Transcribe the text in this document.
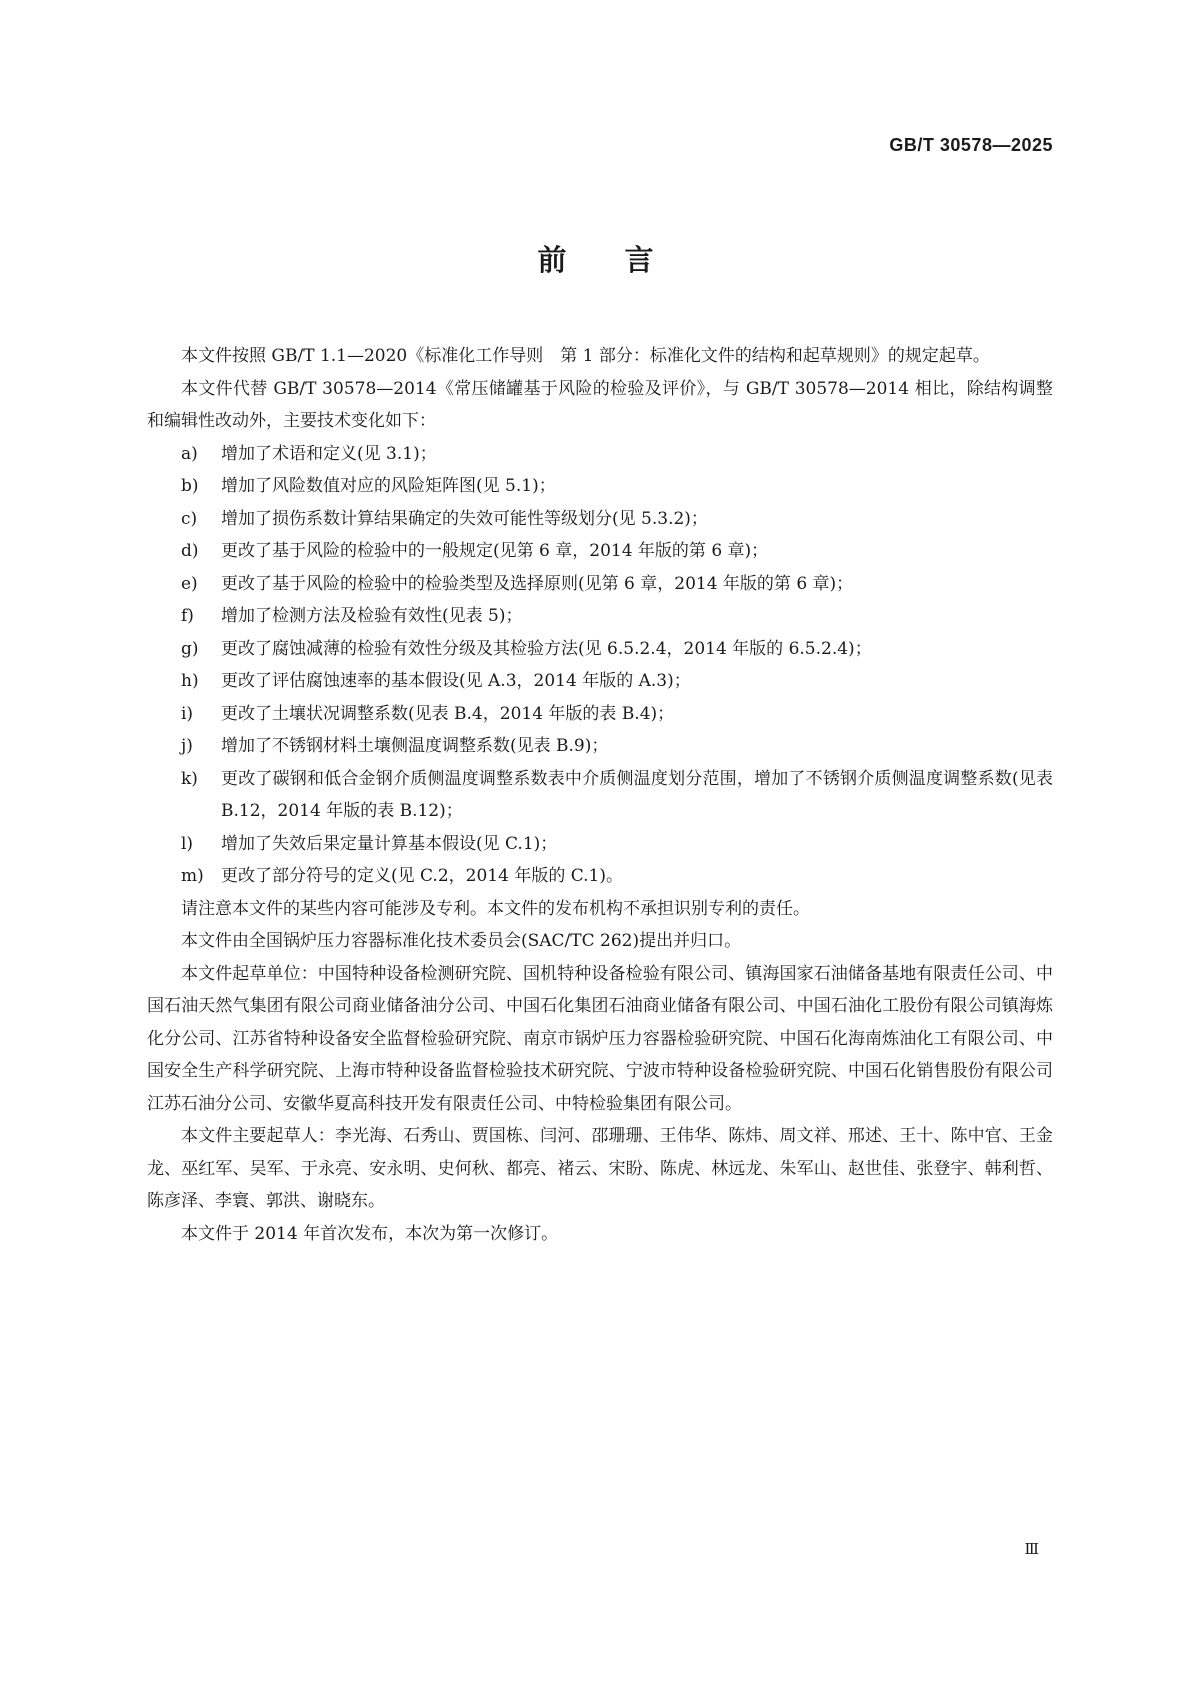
GB/T 30578—2025
前言

本文件按照 GB/T 1.1—2020《标准化工作导则　第 1 部分：标准化文件的结构和起草规则》的规定起草。

本文件代替 GB/T 30578—2014《常压储罐基于风险的检验及评价》，与 GB/T 30578—2014 相比，除结构调整和编辑性改动外，主要技术变化如下：

a)	增加了术语和定义(见 3.1)；
b)	增加了风险数值对应的风险矩阵图(见 5.1)；
c)	增加了损伤系数计算结果确定的失效可能性等级划分(见 5.3.2)；
d)	更改了基于风险的检验中的一般规定(见第 6 章，2014 年版的第 6 章)；
e)	更改了基于风险的检验中的检验类型及选择原则(见第 6 章，2014 年版的第 6 章)；
f)	增加了检测方法及检验有效性(见表 5)；
g)	更改了腐蚀减薄的检验有效性分级及其检验方法(见 6.5.2.4，2014 年版的 6.5.2.4)；
h)	更改了评估腐蚀速率的基本假设(见 A.3，2014 年版的 A.3)；
i)	更改了土壤状况调整系数(见表 B.4，2014 年版的表 B.4)；
j)	增加了不锈钢材料土壤侧温度调整系数(见表 B.9)；
k)	更改了碳钢和低合金钢介质侧温度调整系数表中介质侧温度划分范围，增加了不锈钢介质侧温度调整系数(见表 B.12，2014 年版的表 B.12)；
l)	增加了失效后果定量计算基本假设(见 C.1)；
m)	更改了部分符号的定义(见 C.2，2014 年版的 C.1)。

请注意本文件的某些内容可能涉及专利。本文件的发布机构不承担识别专利的责任。

本文件由全国锅炉压力容器标准化技术委员会(SAC/TC 262)提出并归口。

本文件起草单位：中国特种设备检测研究院、国机特种设备检验有限公司、镇海国家石油储备基地有限责任公司、中国石油天然气集团有限公司商业储备油分公司、中国石化集团石油商业储备有限公司、中国石油化工股份有限公司镇海炼化分公司、江苏省特种设备安全监督检验研究院、南京市锅炉压力容器检验研究院、中国石化海南炼油化工有限公司、中国安全生产科学研究院、上海市特种设备监督检验技术研究院、宁波市特种设备检验研究院、中国石化销售股份有限公司江苏石油分公司、安徽华夏高科技开发有限责任公司、中特检验集团有限公司。

本文件主要起草人：李光海、石秀山、贾国栋、闫河、邵珊珊、王伟华、陈炜、周文祥、邢述、王十、陈中官、王金龙、巫红军、吴军、于永亮、安永明、史何秋、都亮、褚云、宋盼、陈虎、林远龙、朱军山、赵世佳、张登宇、韩利哲、陈彦泽、李寰、郭洪、谢晓东。

本文件于 2014 年首次发布，本次为第一次修订。

Ⅲ
